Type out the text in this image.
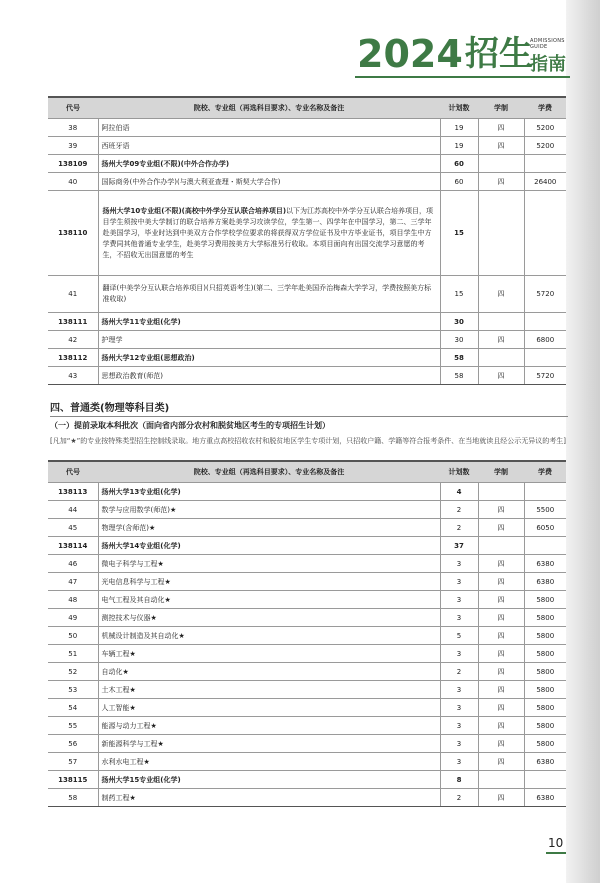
2024 招生
ADMISSIONS
GUIDE
指南
代号	院校、专业组（再选科目要求）、专业名称及备注	计划数	学制	学费
38	阿拉伯语	19	四	5200
39	西班牙语	19	四	5200
138109	扬州大学09专业组(不限)(中外合作办学)	60		
40	国际商务(中外合作办学)(与澳大利亚查理・斯契大学合作)	60	四	26400
138110	扬州大学10专业组(不限)(高校中外学分互认联合培养项目)以下为江苏高校中外学分互认联合培养项目，项目学生须按中美大学制订的联合培养方案赴美学习攻读学位，学生第一、四学年在中国学习，第二、三学年赴美国学习，毕业时达到中美双方合作学校学位要求的将获得双方学位证书及中方毕业证书，项目学生中方学费同其他普通专业学生，赴美学习费用按美方大学标准另行收取。本项目面向有出国交流学习意愿的考生，不招收无出国意愿的考生	15		
41	翻译(中美学分互认联合培养项目)(只招英语考生)(第二、三学年赴美国乔治梅森大学学习，学费按照美方标准收取)	15	四	5720
138111	扬州大学11专业组(化学)	30		
42	护理学	30	四	6800
138112	扬州大学12专业组(思想政治)	58		
43	思想政治教育(师范)	58	四	5720
四、普通类(物理等科目类)
（一）提前录取本科批次（面向省内部分农村和脱贫地区考生的专项招生计划）
[凡加“★”的专业按特殊类型招生控制线录取。地方重点高校招收农村和脱贫地区学生专项计划，只招收户籍、学籍等符合报考条件、在当地就读且经公示无异议的考生]
代号	院校、专业组（再选科目要求）、专业名称及备注	计划数	学制	学费
138113	扬州大学13专业组(化学)	4		
44	数学与应用数学(师范)★	2	四	5500
45	物理学(含师范)★	2	四	6050
138114	扬州大学14专业组(化学)	37		
46	微电子科学与工程★	3	四	6380
47	光电信息科学与工程★	3	四	6380
48	电气工程及其自动化★	3	四	5800
49	测控技术与仪器★	3	四	5800
50	机械设计制造及其自动化★	5	四	5800
51	车辆工程★	3	四	5800
52	自动化★	2	四	5800
53	土木工程★	3	四	5800
54	人工智能★	3	四	5800
55	能源与动力工程★	3	四	5800
56	新能源科学与工程★	3	四	5800
57	水利水电工程★	3	四	6380
138115	扬州大学15专业组(化学)	8		
58	制药工程★	2	四	6380
10
